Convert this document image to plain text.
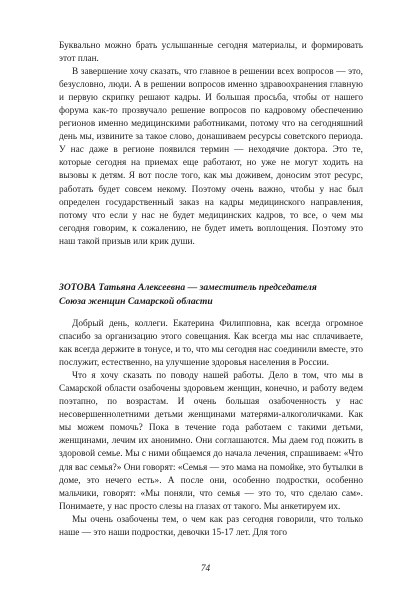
Буквально можно брать услышанные сегодня материалы, и формировать этот план.

В завершение хочу сказать, что главное в решении всех вопросов — это, безусловно, люди. А в решении вопросов именно здравоохранения главную и первую скрипку решают кадры. И большая просьба, чтобы от нашего форума как-то прозвучало решение вопросов по кадровому обеспечению регионов именно медицинскими работниками, потому что на сегодняшний день мы, извините за такое слово, донашиваем ресурсы советского периода. У нас даже в регионе появился термин — неходячие доктора. Это те, которые сегодня на приемах еще работают, но уже не могут ходить на вызовы к детям. Я вот после того, как мы доживем, доносим этот ресурс, работать будет совсем некому. Поэтому очень важно, чтобы у нас был определен государственный заказ на кадры медицинского направления, потому что если у нас не будет медицинских кадров, то все, о чем мы сегодня говорим, к сожалению, не будет иметь воплощения. Поэтому это наш такой призыв или крик души.

ЗОТОВА Татьяна Алексеевна — заместитель председателя
Союза женщин Самарской области

Добрый день, коллеги. Екатерина Филипповна, как всегда огромное спасибо за организацию этого совещания. Как всегда мы нас сплачиваете, как всегда держите в тонусе, и то, что мы сегодня нас соединили вместе, это послужит, естественно, на улучшение здоровья населения в России.

Что я хочу сказать по поводу нашей работы. Дело в том, что мы в Самарской области озабочены здоровьем женщин, конечно, и работу ведем поэтапно, по возрастам. И очень большая озабоченность у нас несовершеннолетними детьми женщинами матерями-алкоголичками. Как мы можем помочь? Пока в течение года работаем с такими детьми, женщинами, лечим их анонимно. Они соглашаются. Мы даем год пожить в здоровой семье. Мы с ними общаемся до начала лечения, спрашиваем: «Что для вас семья?» Они говорят: «Семья — это мама на помойке, это бутылки в доме, это нечего есть». А после они, особенно подростки, особенно мальчики, говорят: «Мы поняли, что семья — это то, что сделаю сам». Понимаете, у нас просто слезы на глазах от такого. Мы анкетируем их.

Мы очень озабочены тем, о чем как раз сегодня говорили, что только наше — это наши подростки, девочки 15-17 лет. Для того

74
